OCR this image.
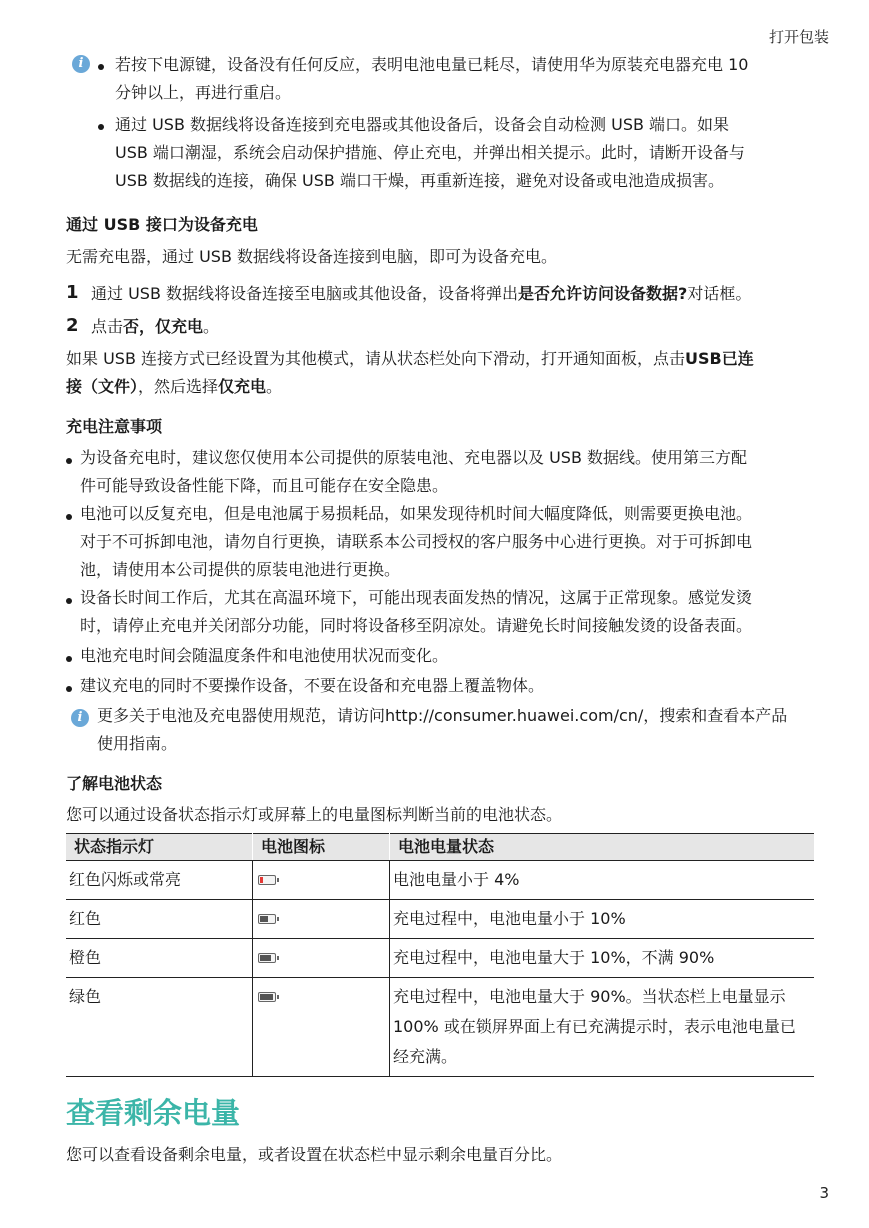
打开包装
i	若按下电源键，设备没有任何反应，表明电池电量已耗尽，请使用华为原装充电器充电 10
分钟以上，再进行重启。
通过 USB 数据线将设备连接到充电器或其他设备后，设备会自动检测 USB 端口。如果
USB 端口潮湿，系统会启动保护措施、停止充电，并弹出相关提示。此时，请断开设备与
USB 数据线的连接，确保 USB 端口干燥，再重新连接，避免对设备或电池造成损害。
通过 USB 接口为设备充电
无需充电器，通过 USB 数据线将设备连接到电脑，即可为设备充电。
1 通过 USB 数据线将设备连接至电脑或其他设备，设备将弹出是否允许访问设备数据?对话框。
2 点击否，仅充电。
如果 USB 连接方式已经设置为其他模式，请从状态栏处向下滑动，打开通知面板，点击USB已连
接（文件），然后选择仅充电。
充电注意事项
为设备充电时，建议您仅使用本公司提供的原装电池、充电器以及 USB 数据线。使用第三方配
件可能导致设备性能下降，而且可能存在安全隐患。
电池可以反复充电，但是电池属于易损耗品，如果发现待机时间大幅度降低，则需要更换电池。
对于不可拆卸电池，请勿自行更换，请联系本公司授权的客户服务中心进行更换。对于可拆卸电
池，请使用本公司提供的原装电池进行更换。
设备长时间工作后，尤其在高温环境下，可能出现表面发热的情况，这属于正常现象。感觉发烫
时，请停止充电并关闭部分功能，同时将设备移至阴凉处。请避免长时间接触发烫的设备表面。
电池充电时间会随温度条件和电池使用状况而变化。
建议充电的同时不要操作设备，不要在设备和充电器上覆盖物体。
i 更多关于电池及充电器使用规范，请访问http://consumer.huawei.com/cn/，搜索和查看本产品
使用指南。
了解电池状态
您可以通过设备状态指示灯或屏幕上的电量图标判断当前的电池状态。
状态指示灯	电池图标	电池电量状态
红色闪烁或常亮		电池电量小于 4%

红色		充电过程中，电池电量小于 10%

橙色		充电过程中，电池电量大于 10%，不满 90%

绿色		充电过程中，电池电量大于 90%。当状态栏上电量显示
100% 或在锁屏界面上有已充满提示时，表示电池电量已
经充满。
查看剩余电量
您可以查看设备剩余电量，或者设置在状态栏中显示剩余电量百分比。
3
